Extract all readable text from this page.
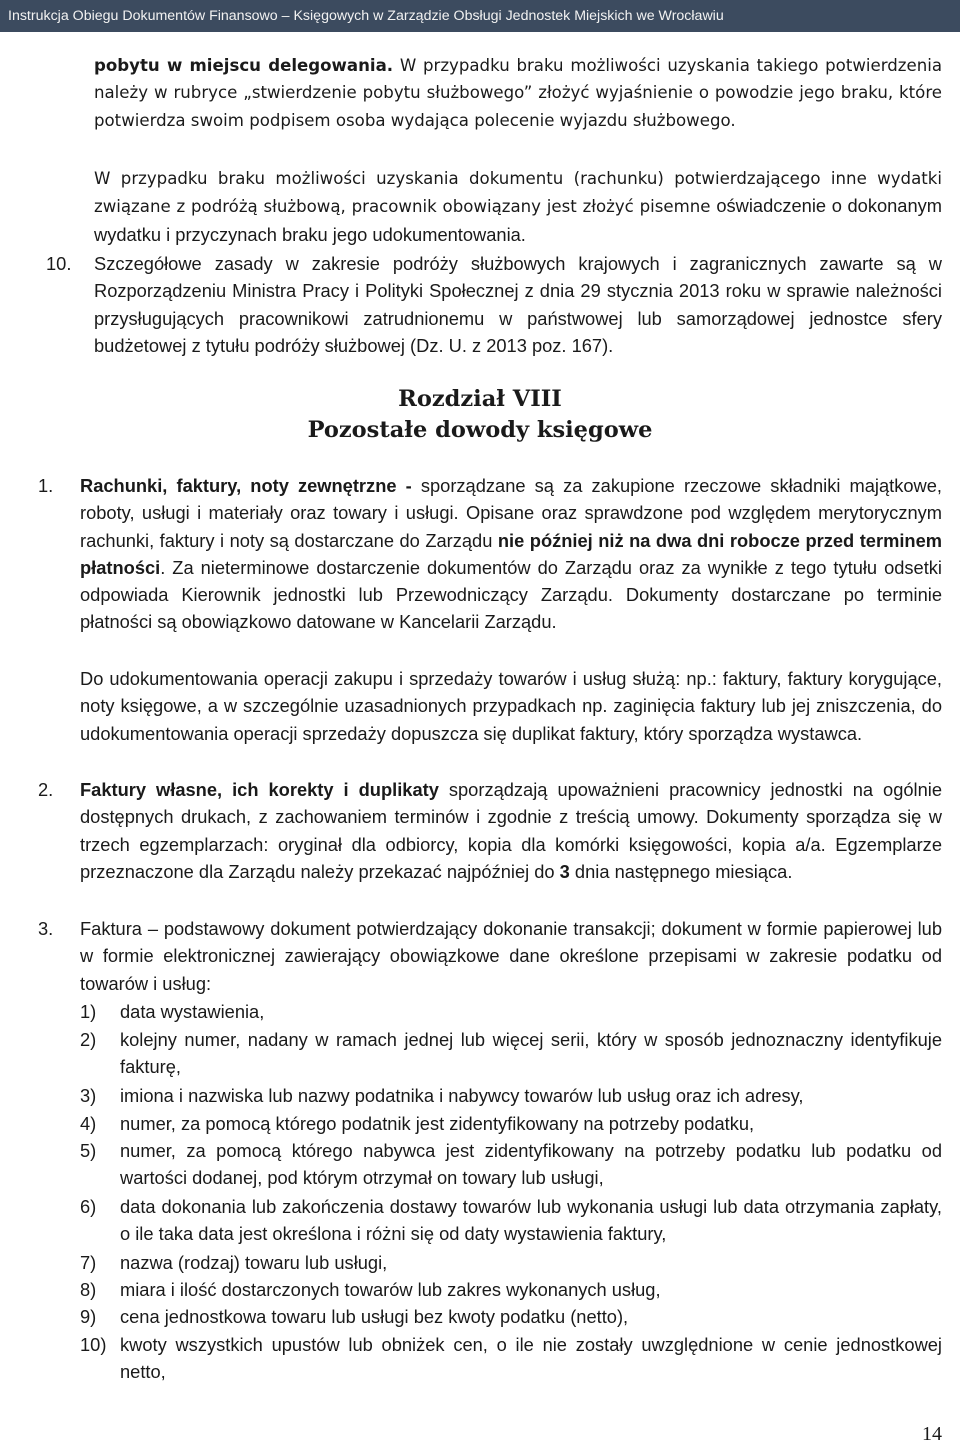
Instrukcja Obiegu Dokumentów Finansowo – Księgowych w Zarządzie Obsługi Jednostek Miejskich we Wrocławiu
pobytu w miejscu delegowania. W przypadku braku możliwości uzyskania takiego potwierdzenia należy w rubryce „stwierdzenie pobytu służbowego” złożyć wyjaśnienie o powodzie jego braku, które potwierdza swoim podpisem osoba wydająca polecenie wyjazdu służbowego.
W przypadku braku możliwości uzyskania dokumentu (rachunku) potwierdzającego inne wydatki związane z podróżą służbową, pracownik obowiązany jest złożyć pisemne oświadczenie o dokonanym wydatku i przyczynach braku jego udokumentowania.
10. Szczegółowe zasady w zakresie podróży służbowych krajowych i zagranicznych zawarte są w Rozporządzeniu Ministra Pracy i Polityki Społecznej z dnia 29 stycznia 2013 roku w sprawie należności przysługujących pracownikowi zatrudnionemu w państwowej lub samorządowej jednostce sfery budżetowej z tytułu podróży służbowej (Dz. U. z 2013 poz. 167).
Rozdział VIII
Pozostałe dowody księgowe
1. Rachunki, faktury, noty zewnętrzne - sporządzane są za zakupione rzeczowe składniki majątkowe, roboty, usługi i materiały oraz towary i usługi. Opisane oraz sprawdzone pod względem merytorycznym rachunki, faktury i noty są dostarczane do Zarządu nie później niż na dwa dni robocze przed terminem płatności. Za nieterminowe dostarczenie dokumentów do Zarządu oraz za wynikłe z tego tytułu odsetki odpowiada Kierownik jednostki lub Przewodniczący Zarządu. Dokumenty dostarczane po terminie płatności są obowiązkowo datowane w Kancelarii Zarządu.
Do udokumentowania operacji zakupu i sprzedaży towarów i usług służą: np.: faktury, faktury korygujące, noty księgowe, a w szczególnie uzasadnionych przypadkach np. zaginięcia faktury lub jej zniszczenia, do udokumentowania operacji sprzedaży dopuszcza się duplikat faktury, który sporządza wystawca.
2. Faktury własne, ich korekty i duplikaty sporządzają upoważnieni pracownicy jednostki na ogólnie dostępnych drukach, z zachowaniem terminów i zgodnie z treścią umowy. Dokumenty sporządza się w trzech egzemplarzach: oryginał dla odbiorcy, kopia dla komórki księgowości, kopia a/a. Egzemplarze przeznaczone dla Zarządu należy przekazać najpóźniej do 3 dnia następnego miesiąca.
3. Faktura – podstawowy dokument potwierdzający dokonanie transakcji; dokument w formie papierowej lub w formie elektronicznej zawierający obowiązkowe dane określone przepisami w zakresie podatku od towarów i usług:
1) data wystawienia,
2) kolejny numer, nadany w ramach jednej lub więcej serii, który w sposób jednoznaczny identyfikuje fakturę,
3) imiona i nazwiska lub nazwy podatnika i nabywcy towarów lub usług oraz ich adresy,
4) numer, za pomocą którego podatnik jest zidentyfikowany na potrzeby podatku,
5) numer, za pomocą którego nabywca jest zidentyfikowany na potrzeby podatku lub podatku od wartości dodanej, pod którym otrzymał on towary lub usługi,
6) data dokonania lub zakończenia dostawy towarów lub wykonania usługi lub data otrzymania zapłaty, o ile taka data jest określona i różni się od daty wystawienia faktury,
7) nazwa (rodzaj) towaru lub usługi,
8) miara i ilość dostarczonych towarów lub zakres wykonanych usług,
9) cena jednostkowa towaru lub usługi bez kwoty podatku (netto),
10) kwoty wszystkich upustów lub obniżek cen, o ile nie zostały uwzględnione w cenie jednostkowej netto,
14
